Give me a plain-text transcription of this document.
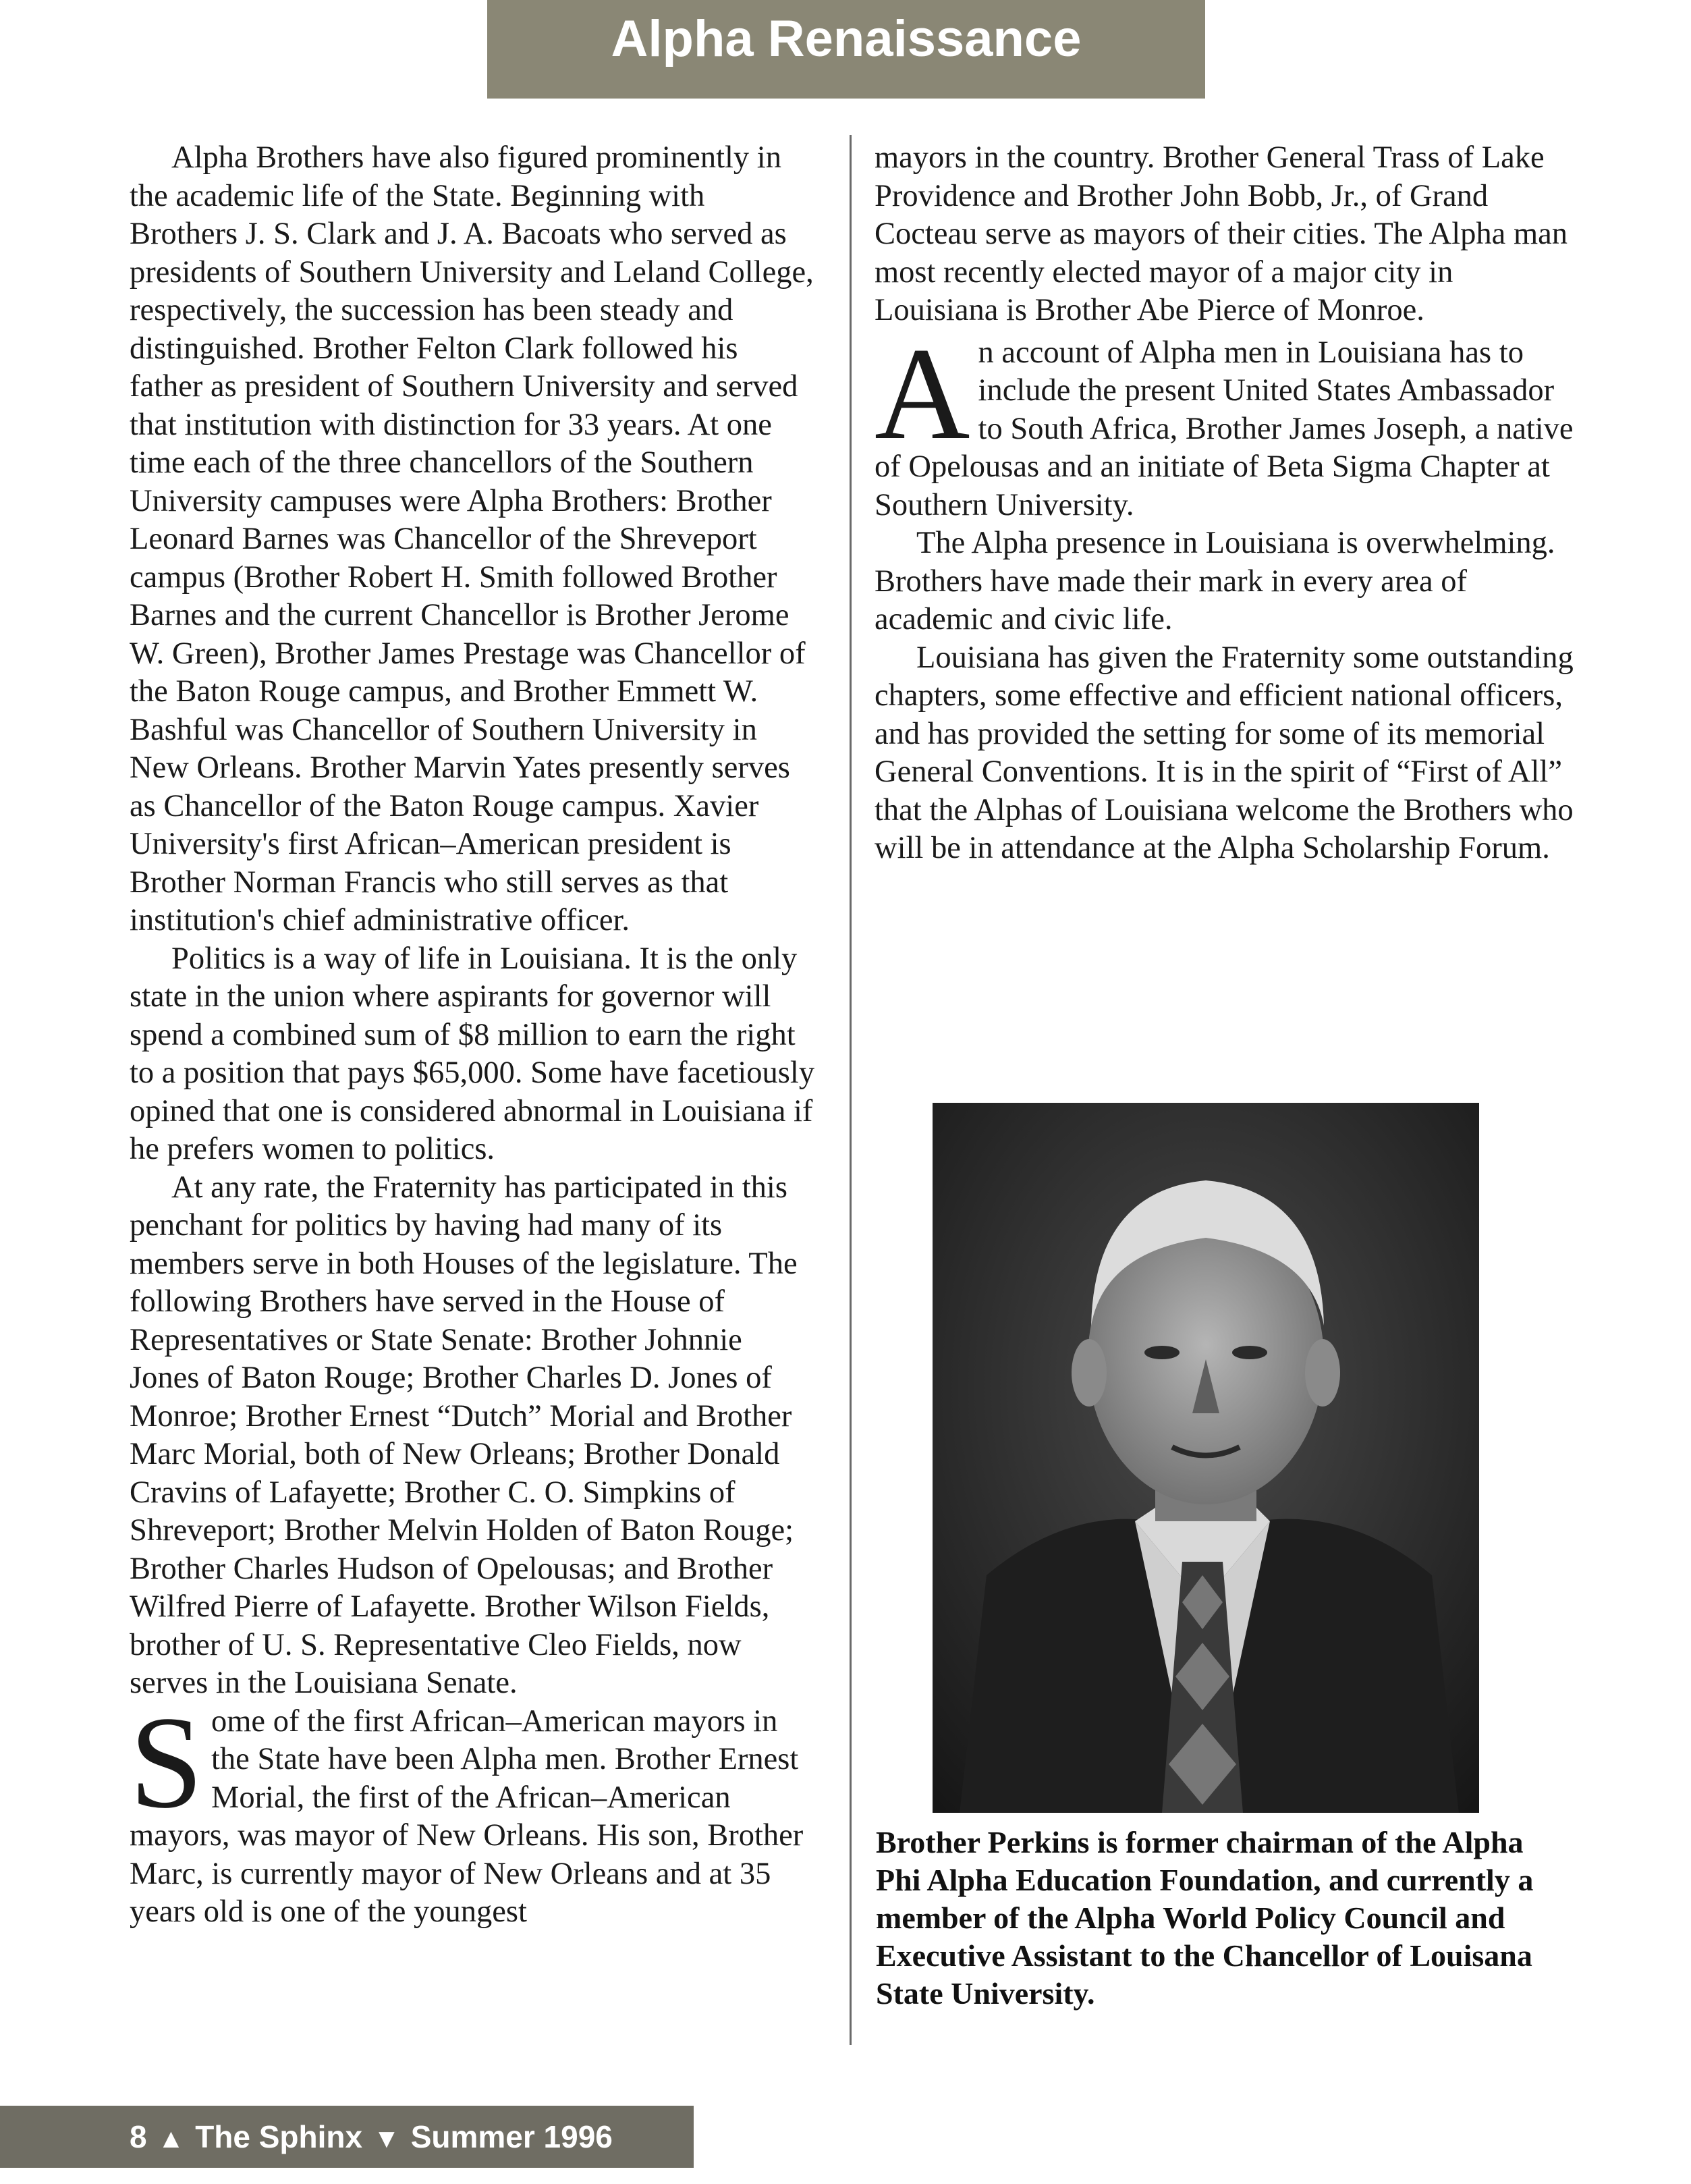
Alpha Renaissance

Alpha Brothers have also figured prominently in the academic life of the State. Beginning with Brothers J. S. Clark and J. A. Bacoats who served as presidents of Southern University and Leland College, respectively, the succession has been steady and distinguished. Brother Felton Clark followed his father as president of Southern University and served that institution with distinction for 33 years. At one time each of the three chancellors of the Southern University campuses were Alpha Brothers: Brother Leonard Barnes was Chancellor of the Shreveport campus (Brother Robert H. Smith followed Brother Barnes and the current Chancellor is Brother Jerome W. Green), Brother James Prestage was Chancellor of the Baton Rouge campus, and Brother Emmett W. Bashful was Chancellor of Southern University in New Orleans. Brother Marvin Yates presently serves as Chancellor of the Baton Rouge campus. Xavier University's first African–American president is Brother Norman Francis who still serves as that institution's chief administrative officer.

Politics is a way of life in Louisiana. It is the only state in the union where aspirants for governor will spend a combined sum of $8 million to earn the right to a position that pays $65,000. Some have facetiously opined that one is considered abnormal in Louisiana if he prefers women to politics.

At any rate, the Fraternity has participated in this penchant for politics by having had many of its members serve in both Houses of the legislature. The following Brothers have served in the House of Representatives or State Senate: Brother Johnnie Jones of Baton Rouge; Brother Charles D. Jones of Monroe; Brother Ernest “Dutch” Morial and Brother Marc Morial, both of New Orleans; Brother Donald Cravins of Lafayette; Brother C. O. Simpkins of Shreveport; Brother Melvin Holden of Baton Rouge; Brother Charles Hudson of Opelousas; and Brother Wilfred Pierre of Lafayette. Brother Wilson Fields, brother of U. S. Representative Cleo Fields, now serves in the Louisiana Senate.

Some of the first African–American mayors in the State have been Alpha men. Brother Ernest Morial, the first of the African–American mayors, was mayor of New Orleans. His son, Brother Marc, is currently mayor of New Orleans and at 35 years old is one of the youngest

mayors in the country. Brother General Trass of Lake Providence and Brother John Bobb, Jr., of Grand Cocteau serve as mayors of their cities. The Alpha man most recently elected mayor of a major city in Louisiana is Brother Abe Pierce of Monroe.

An account of Alpha men in Louisiana has to include the present United States Ambassador to South Africa, Brother James Joseph, a native of Opelousas and an initiate of Beta Sigma Chapter at Southern University.

The Alpha presence in Louisiana is overwhelming. Brothers have made their mark in every area of academic and civic life.

Louisiana has given the Fraternity some outstanding chapters, some effective and efficient national officers, and has provided the setting for some of its memorial General Conventions. It is in the spirit of “First of All” that the Alphas of Louisiana welcome the Brothers who will be in attendance at the Alpha Scholarship Forum.

Brother Perkins is former chairman of the Alpha Phi Alpha Education Foundation, and currently a member of the Alpha World Policy Council and Executive Assistant to the Chancellor of Louisana State University.
8 ▲ The Sphinx ▼ Summer 1996
